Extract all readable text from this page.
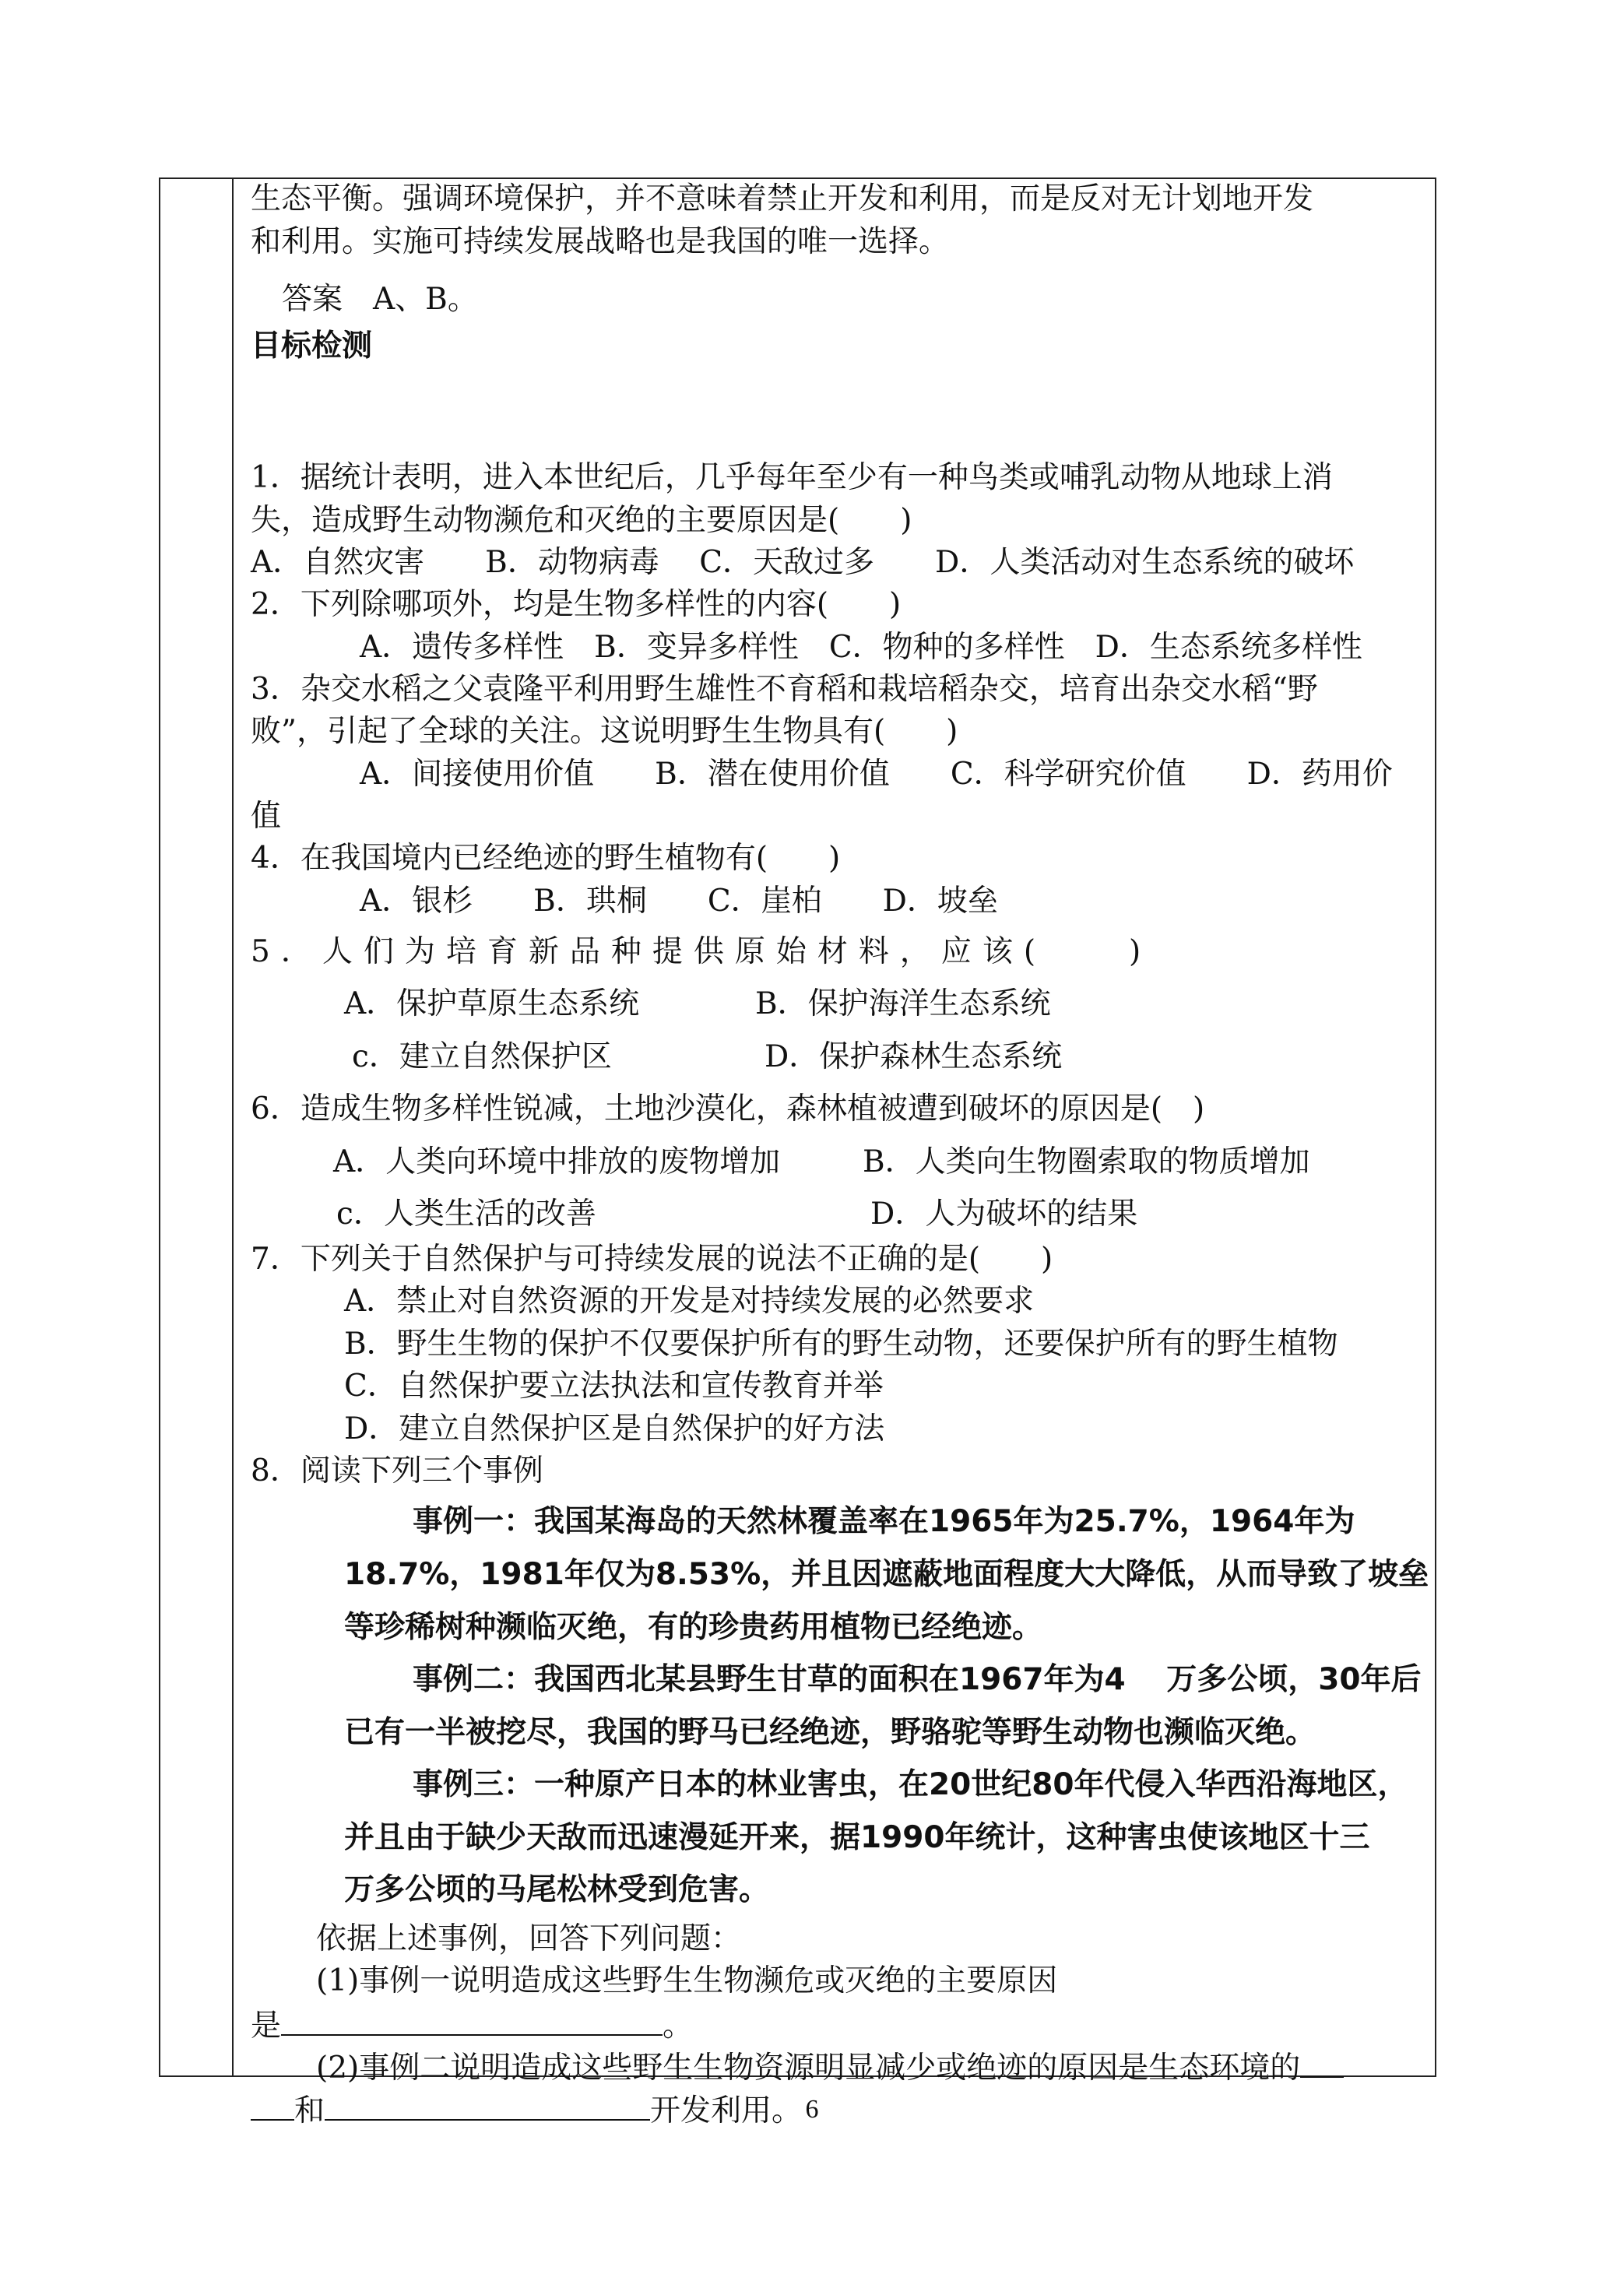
生态平衡。强调环境保护，并不意味着禁止开发和利用，而是反对无计划地开发
和利用。实施可持续发展战略也是我国的唯一选择。
答案　A、B。
目标检测
1．据统计表明，进入本世纪后，几乎每年至少有一种鸟类或哺乳动物从地球上消
失，造成野生动物濒危和灭绝的主要原因是(　　)
A．自然灾害　　B．动物病毒　 C．天敌过多　　D．人类活动对生态系统的破坏
2．下列除哪项外，均是生物多样性的内容(　　)
A．遗传多样性　B．变异多样性　C．物种的多样性　D．生态系统多样性
3．杂交水稻之父袁隆平利用野生雄性不育稻和栽培稻杂交，培育出杂交水稻“野
败”，引起了全球的关注。这说明野生生物具有(　　)
A．间接使用价值　　B．潜在使用价值　　C．科学研究价值　　D．药用价
值
4．在我国境内已经绝迹的野生植物有(　　)
A．银杉　　B．珙桐　　C．崖柏　　D．坡垒
5．人们为培育新品种提供原始材料，应该(　　)
A．保护草原生态系统	B．保护海洋生态系统
c．建立自然保护区	D．保护森林生态系统
6．造成生物多样性锐减，土地沙漠化，森林植被遭到破坏的原因是(　)
A．人类向环境中排放的废物增加	B．人类向生物圈索取的物质增加
c．人类生活的改善	D．人为破坏的结果
7．下列关于自然保护与可持续发展的说法不正确的是(　　)
A．禁止对自然资源的开发是对持续发展的必然要求
B．野生生物的保护不仅要保护所有的野生动物，还要保护所有的野生植物
C．自然保护要立法执法和宣传教育并举
D．建立自然保护区是自然保护的好方法
8．阅读下列三个事例
事例一：我国某海岛的天然林覆盖率在1965年为25.7%，1964年为
18.7%，1981年仅为8.53%，并且因遮蔽地面程度大大降低，从而导致了坡垒
等珍稀树种濒临灭绝，有的珍贵药用植物已经绝迹。
事例二：我国西北某县野生甘草的面积在1967年为4　 万多公顷，30年后
已有一半被挖尽，我国的野马已经绝迹，野骆驼等野生动物也濒临灭绝。
事例三：一种原产日本的林业害虫，在20世纪80年代侵入华西沿海地区，
并且由于缺少天敌而迅速漫延开来，据1990年统计，这种害虫使该地区十三
万多公顷的马尾松林受到危害。
依据上述事例，回答下列问题：
(1)事例一说明造成这些野生生物濒危或灭绝的主要原因
是	。
(2)事例二说明造成这些野生生物资源明显减少或绝迹的原因是生态环境的
和	开发利用。 6
